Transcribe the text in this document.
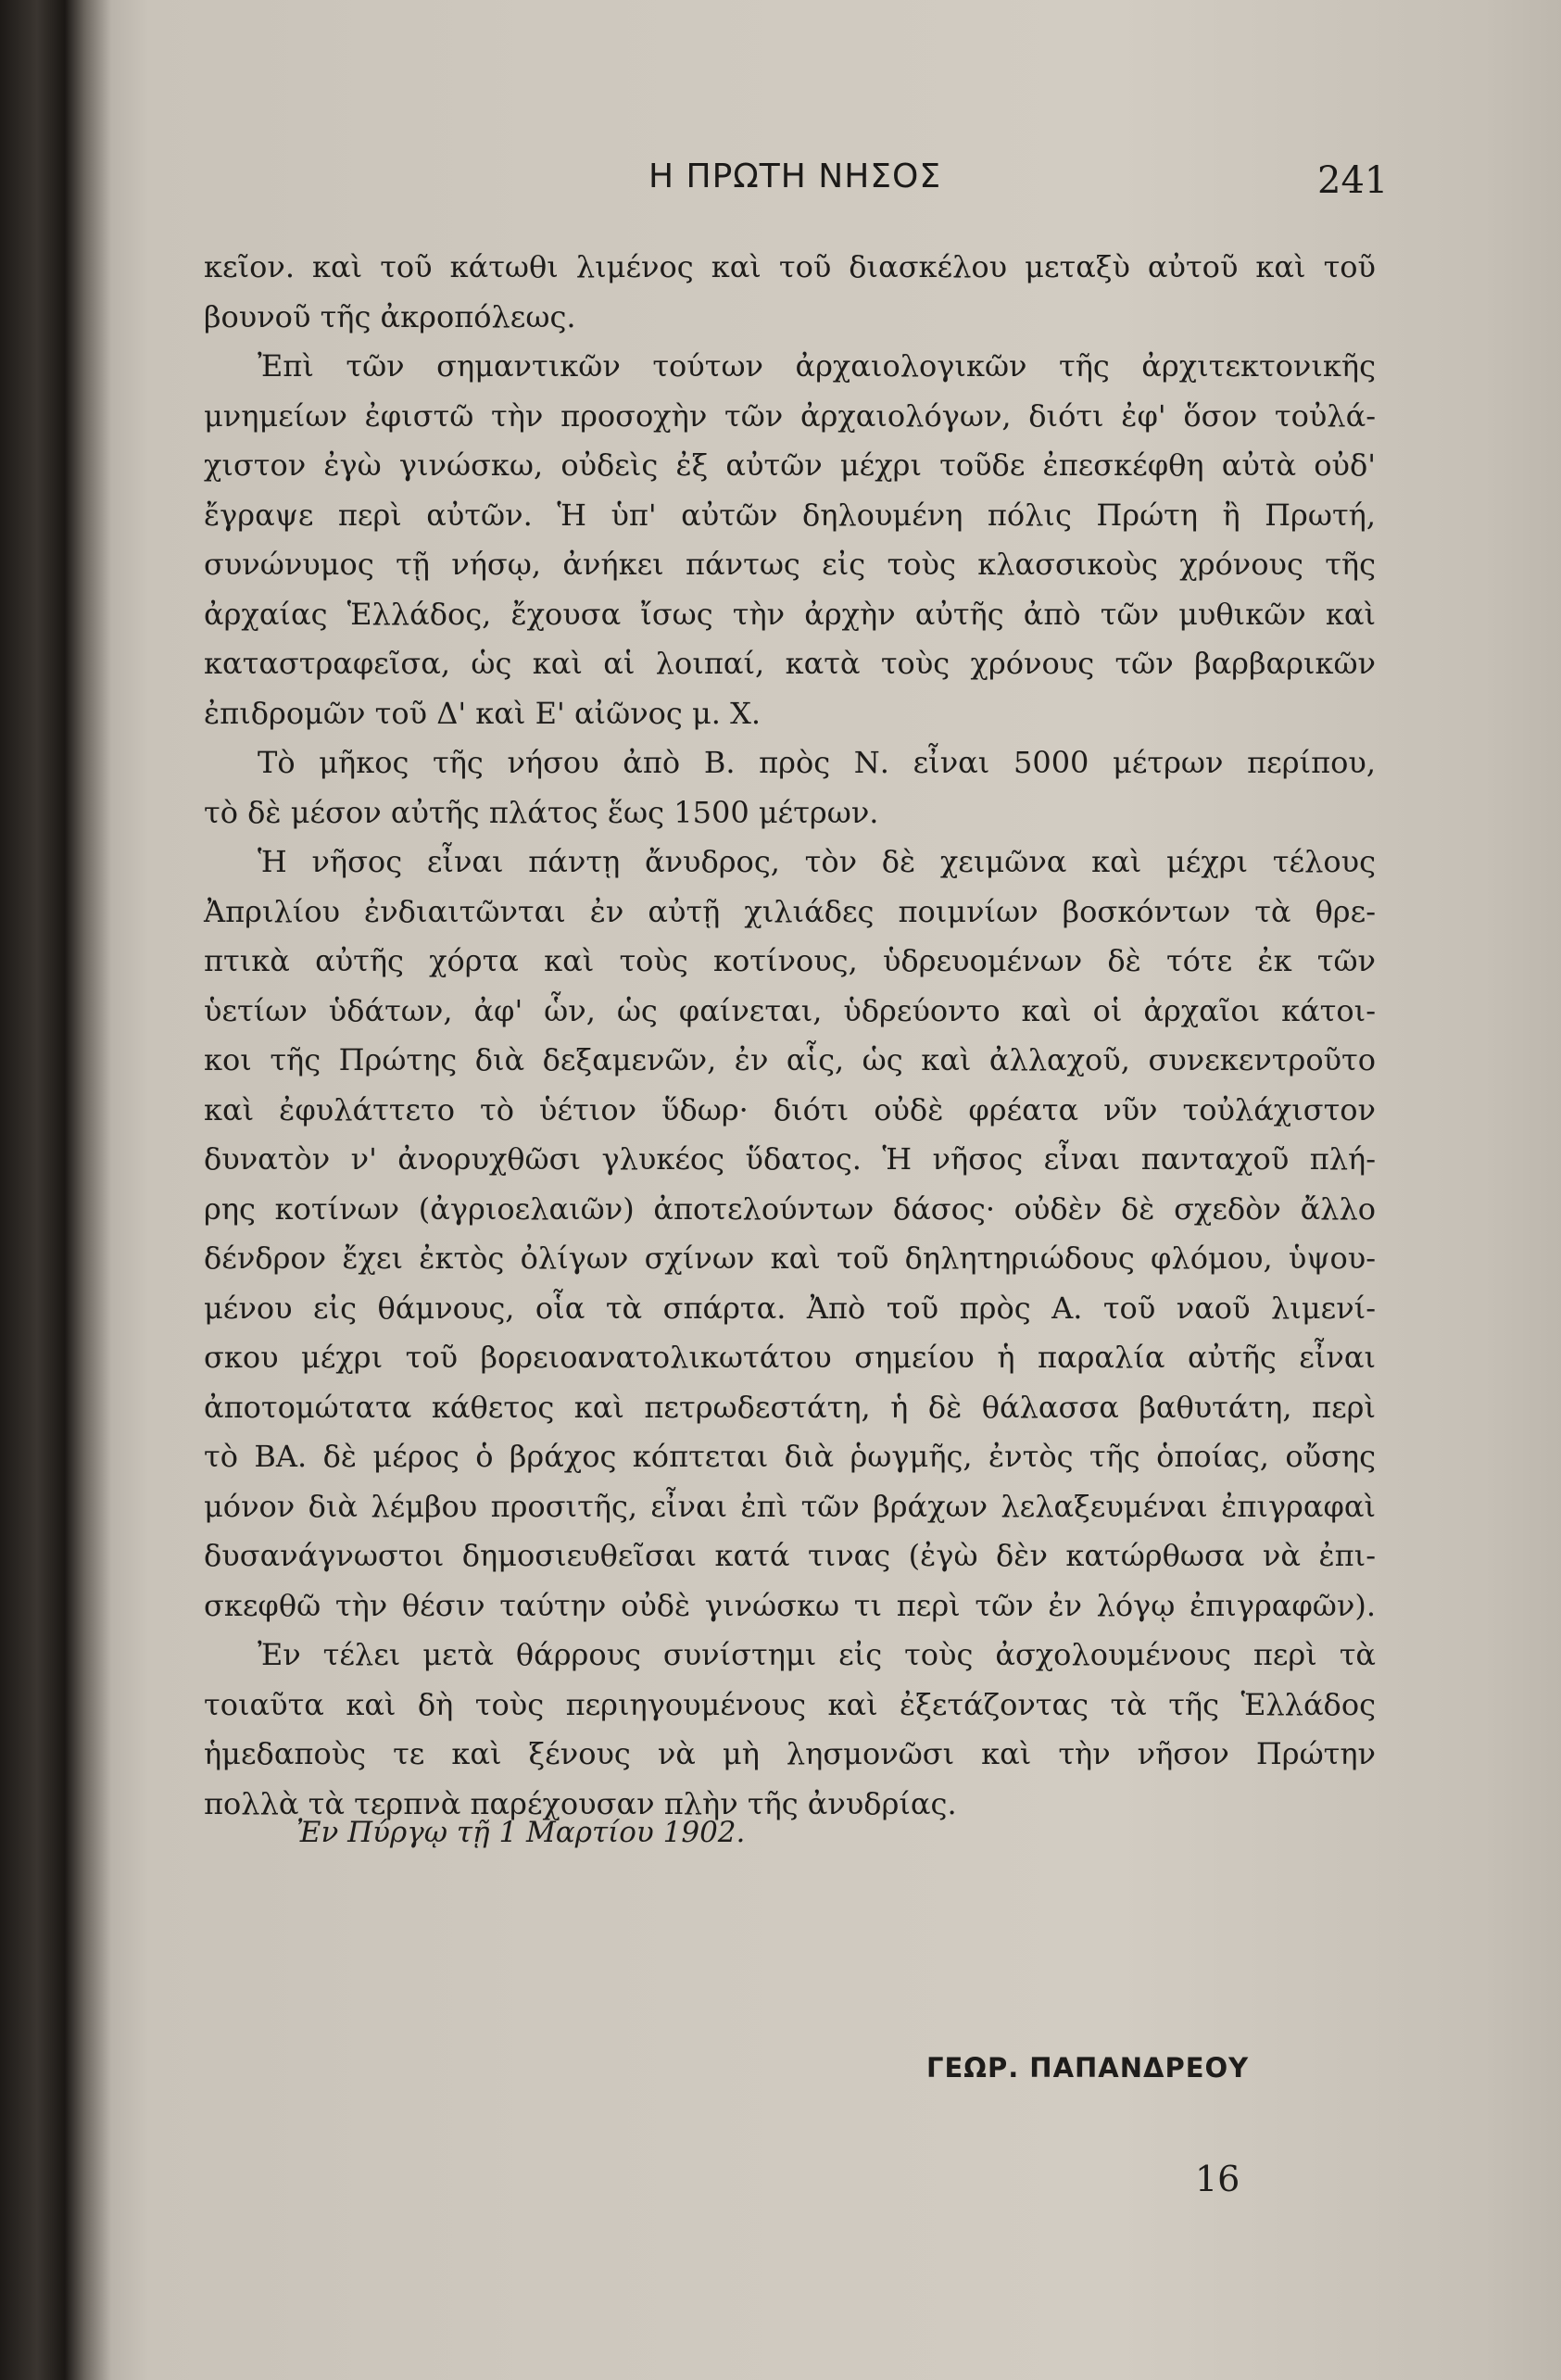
Η ΠΡΩΤΗ ΝΗΣΟΣ	241
κεῖον. καὶ τοῦ κάτωθι λιμένος καὶ τοῦ διασκέλου μεταξὺ αὐτοῦ καὶ τοῦ
βουνοῦ τῆς ἀκροπόλεως.
Ἐπὶ τῶν σημαντικῶν τούτων ἀρχαιολογικῶν τῆς ἀρχιτεκτονικῆς
μνημείων ἐφιστῶ τὴν προσοχὴν τῶν ἀρχαιολόγων, διότι ἐφ' ὅσον τοὐλά-
χιστον ἐγὼ γινώσκω, οὐδεὶς ἐξ αὐτῶν μέχρι τοῦδε ἐπεσκέφθη αὐτὰ οὐδ'
ἔγραψε περὶ αὐτῶν. Ἡ ὑπ' αὐτῶν δηλουμένη πόλις Πρώτη ἢ Πρωτή,
συνώνυμος τῇ νήσῳ, ἀνήκει πάντως εἰς τοὺς κλασσικοὺς χρόνους τῆς
ἀρχαίας Ἑλλάδος, ἔχουσα ἴσως τὴν ἀρχὴν αὐτῆς ἀπὸ τῶν μυθικῶν καὶ
καταστραφεῖσα, ὡς καὶ αἱ λοιπαί, κατὰ τοὺς χρόνους τῶν βαρβαρικῶν
ἐπιδρομῶν τοῦ Δ' καὶ Ε' αἰῶνος μ. Χ.
Τὸ μῆκος τῆς νήσου ἀπὸ Β. πρὸς Ν. εἶναι 5000 μέτρων περίπου,
τὸ δὲ μέσον αὐτῆς πλάτος ἕως 1500 μέτρων.
Ἡ νῆσος εἶναι πάντῃ ἄνυδρος, τὸν δὲ χειμῶνα καὶ μέχρι τέλους
Ἀπριλίου ἐνδιαιτῶνται ἐν αὐτῇ χιλιάδες ποιμνίων βοσκόντων τὰ θρε-
πτικὰ αὐτῆς χόρτα καὶ τοὺς κοτίνους, ὑδρευομένων δὲ τότε ἐκ τῶν
ὑετίων ὑδάτων, ἀφ' ὧν, ὡς φαίνεται, ὑδρεύοντο καὶ οἱ ἀρχαῖοι κάτοι-
κοι τῆς Πρώτης διὰ δεξαμενῶν, ἐν αἷς, ὡς καὶ ἀλλαχοῦ, συνεκεντροῦτο
καὶ ἐφυλάττετο τὸ ὑέτιον ὕδωρ· διότι οὐδὲ φρέατα νῦν τοὐλάχιστον
δυνατὸν ν' ἀνορυχθῶσι γλυκέος ὕδατος. Ἡ νῆσος εἶναι πανταχοῦ πλή-
ρης κοτίνων (ἀγριοελαιῶν) ἀποτελούντων δάσος· οὐδὲν δὲ σχεδὸν ἄλλο
δένδρον ἔχει ἐκτὸς ὀλίγων σχίνων καὶ τοῦ δηλητηριώδους φλόμου, ὑψου-
μένου εἰς θάμνους, οἷα τὰ σπάρτα. Ἀπὸ τοῦ πρὸς Α. τοῦ ναοῦ λιμενί-
σκου μέχρι τοῦ βορειοανατολικωτάτου σημείου ἡ παραλία αὐτῆς εἶναι
ἀποτομώτατα κάθετος καὶ πετρωδεστάτη, ἡ δὲ θάλασσα βαθυτάτη, περὶ
τὸ ΒΑ. δὲ μέρος ὁ βράχος κόπτεται διὰ ῥωγμῆς, ἐντὸς τῆς ὁποίας, οὔσης
μόνον διὰ λέμβου προσιτῆς, εἶναι ἐπὶ τῶν βράχων λελαξευμέναι ἐπιγραφαὶ
δυσανάγνωστοι δημοσιευθεῖσαι κατά τινας (ἐγὼ δὲν κατώρθωσα νὰ ἐπι-
σκεφθῶ τὴν θέσιν ταύτην οὐδὲ γινώσκω τι περὶ τῶν ἐν λόγῳ ἐπιγραφῶν).
Ἐν τέλει μετὰ θάρρους συνίστημι εἰς τοὺς ἀσχολουμένους περὶ τὰ
τοιαῦτα καὶ δὴ τοὺς περιηγουμένους καὶ ἐξετάζοντας τὰ τῆς Ἑλλάδος
ἡμεδαποὺς τε καὶ ξένους νὰ μὴ λησμονῶσι καὶ τὴν νῆσον Πρώτην
πολλὰ τὰ τερπνὰ παρέχουσαν πλὴν τῆς ἀνυδρίας.
Ἐν Πύργῳ τῇ 1 Μαρτίου 1902.
ΓΕΩΡ. ΠΑΠΑΝΔΡΕΟΥ
16
